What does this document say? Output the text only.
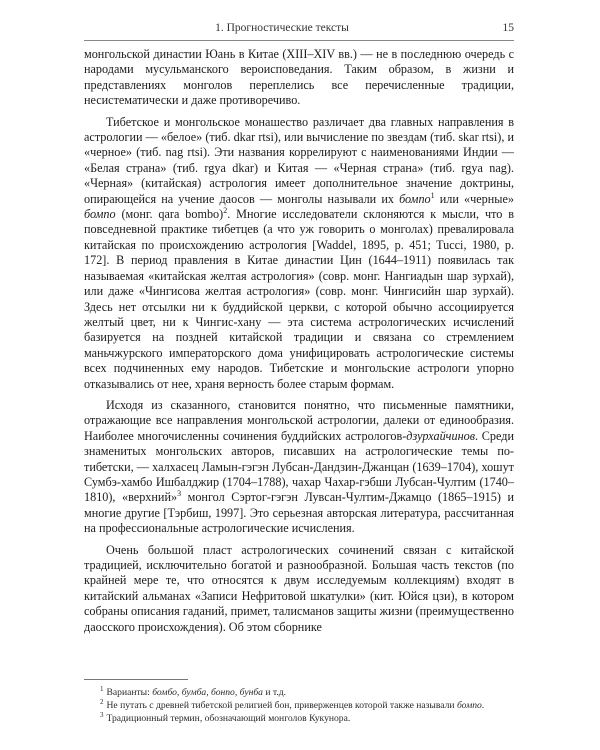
1. Прогностические тексты	15

монгольской династии Юань в Китае (XIII–XIV вв.) — не в последнюю очередь с народами мусульманского вероисповедания. Таким образом, в жизни и представлениях монголов переплелись все перечисленные традиции, несистематически и даже противоречиво.

Тибетское и монгольское монашество различает два главных направления в астрологии — «белое» (тиб. dkar rtsi), или вычисление по звездам (тиб. skar rtsi), и «черное» (тиб. nag rtsi). Эти названия коррелируют с наименованиями Индии — «Белая страна» (тиб. rgya dkar) и Китая — «Черная страна» (тиб. rgya nag). «Черная» (китайская) астрология имеет дополнительное значение доктрины, опирающейся на учение даосов — монголы называли их бомпо$^1$ или «черные» бомпо (монг. qara bombo)$^2$. Многие исследователи склоняются к мысли, что в повседневной практике тибетцев (а что уж говорить о монголах) превалировала китайская по происхождению астрология [Waddel, 1895, p. 451; Tucci, 1980, p. 172]. В период правления в Китае династии Цин (1644–1911) появилась так называемая «китайская желтая астрология» (совр. монг. Нангиадын шар зурхай), или даже «Чингисова желтая астрология» (совр. монг. Чингисийн шар зурхай). Здесь нет отсылки ни к буддийской церкви, с которой обычно ассоциируется желтый цвет, ни к Чингис-хану — эта система астрологических исчислений базируется на поздней китайской традиции и связана со стремлением маньчжурского императорского дома унифицировать астрологические системы всех подчиненных ему народов. Тибетские и монгольские астрологи упорно отказывались от нее, храня верность более старым формам.

Исходя из сказанного, становится понятно, что письменные памятники, отражающие все направления монгольской астрологии, далеки от единообразия. Наиболее многочисленны сочинения буддийских астрологов-дзурхайчинов. Среди знаменитых монгольских авторов, писавших на астрологические темы по-тибетски, — халхасец Ламын-гэгэн Лубсан-Дандзин-Джанцан (1639–1704), хошут Сумбэ-хамбо Ишбалджир (1704–1788), чахар Чахар-гэбши Лубсан-Чултим (1740–1810), «верхний»$^3$ монгол Сэртог-гэгэн Лувсан-Чултим-Джамцо (1865–1915) и многие другие [Тэрбиш, 1997]. Это серьезная авторская литература, рассчитанная на профессиональные астрологические исчисления.

Очень большой пласт астрологических сочинений связан с китайской традицией, исключительно богатой и разнообразной. Большая часть текстов (по крайней мере те, что относятся к двум исследуемым коллекциям) входят в китайский альманах «Записи Нефритовой шкатулки» (кит. Юйся цзи), в котором собраны описания гаданий, примет, талисманов защиты жизни (преимущественно даосского происхождения). Об этом сборнике

$^1$ Варианты: бомбо, бумба, бонпо, бунба и т.д.
$^2$ Не путать с древней тибетской религией бон, приверженцев которой также называли бомпо.
$^3$ Традиционный термин, обозначающий монголов Кукунора.
